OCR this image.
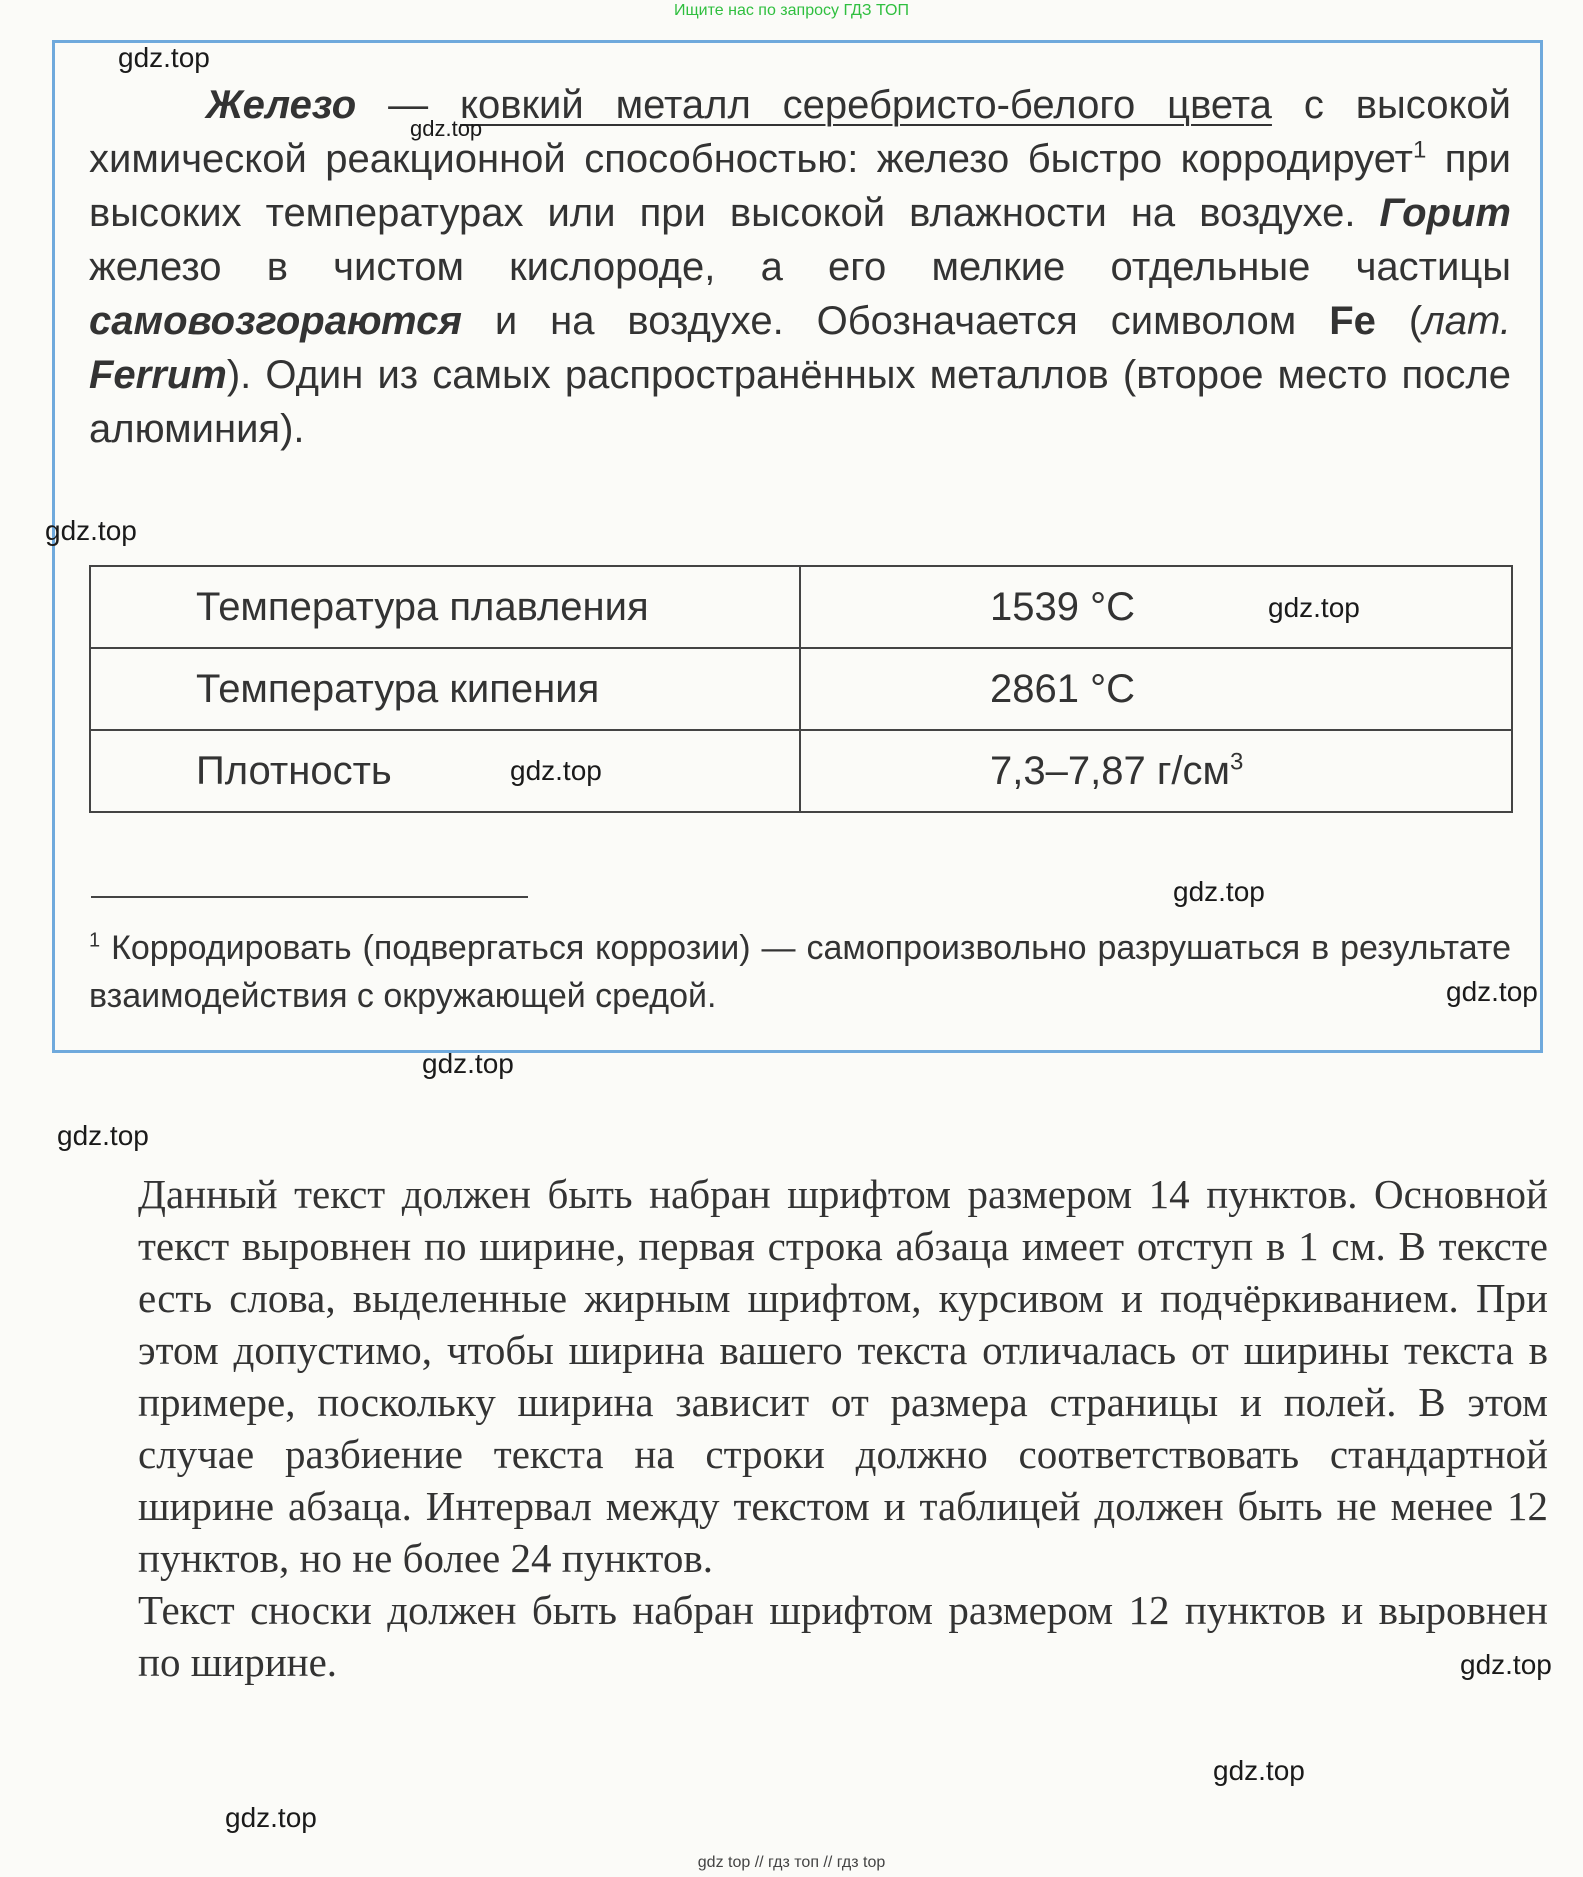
Ищите нас по запросу ГДЗ ТОП

Железо — ковкий металл серебристо-белого цвета с высокой химической реакционной способностью: железо быстро корродирует$^1$ при высоких температурах или при высокой влажности на воздухе. Горит железо в чистом кислороде, а его мелкие отдельные частицы самовозгораются и на воздухе. Обозначается символом Fe (лат. Ferrum). Один из самых распространённых металлов (второе место после алюминия).

Температура плавления	1539 °C
Температура кипения	2861 °C
Плотность	7,3–7,87 $г/см^3$

$^1$ Корродировать (подвергаться коррозии) — самопроизвольно разрушаться в результате взаимодействия с окружающей средой.

Данный текст должен быть набран шрифтом размером 14 пунктов. Основной текст выровнен по ширине, первая строка абзаца имеет отступ в 1 см. В тексте есть слова, выделенные жирным шрифтом, курсивом и подчёркиванием. При этом допустимо, чтобы ширина вашего текста отличалась от ширины текста в примере, поскольку ширина зависит от размера страницы и полей. В этом случае разбиение текста на строки должно соответствовать стандартной ширине абзаца. Интервал между текстом и таблицей должен быть не менее 12 пунктов, но не более 24 пунктов.

Текст сноски должен быть набран шрифтом размером 12 пунктов и выровнен по ширине.

gdz.top
gdz.top
gdz.top
gdz.top
gdz.top
gdz.top
gdz.top
gdz.top
gdz.top
gdz.top
gdz.top
gdz.top
gdz top // гдз топ // гдз top
